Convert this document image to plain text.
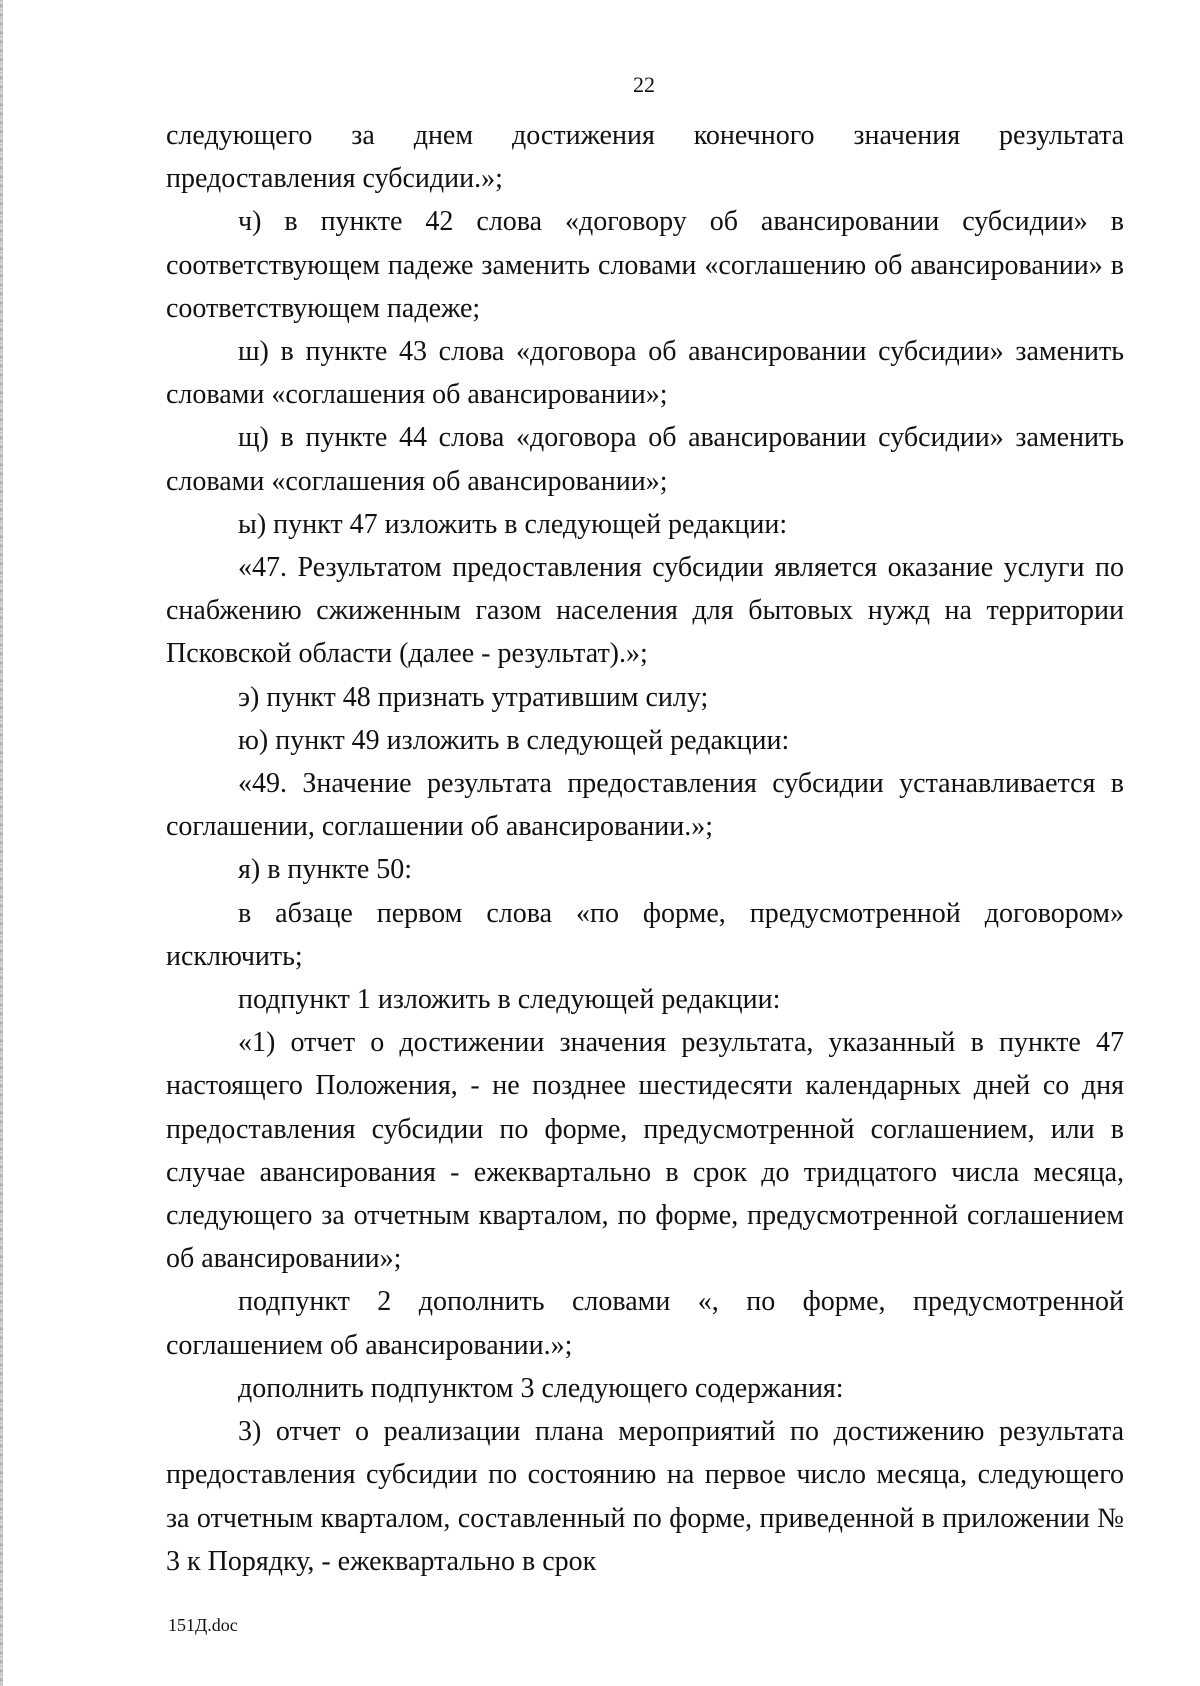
22

следующего за днем достижения конечного значения результата предоставления субсидии.»;

ч) в пункте 42 слова «договору об авансировании субсидии» в соответствующем падеже заменить словами «соглашению об авансировании» в соответствующем падеже;

ш) в пункте 43 слова «договора об авансировании субсидии» заменить словами «соглашения об авансировании»;

щ) в пункте 44 слова «договора об авансировании субсидии» заменить словами «соглашения об авансировании»;

ы) пункт 47 изложить в следующей редакции:

«47. Результатом предоставления субсидии является оказание услуги по снабжению сжиженным газом населения для бытовых нужд на территории Псковской области (далее - результат).»;

э) пункт 48 признать утратившим силу;

ю) пункт 49 изложить в следующей редакции:

«49. Значение результата предоставления субсидии устанавливается в соглашении, соглашении об авансировании.»;

я) в пункте 50:

в абзаце первом слова «по форме, предусмотренной договором» исключить;

подпункт 1 изложить в следующей редакции:

«1) отчет о достижении значения результата, указанный в пункте 47 настоящего Положения, - не позднее шестидесяти календарных дней со дня предоставления субсидии по форме, предусмотренной соглашением, или в случае авансирования - ежеквартально в срок до тридцатого числа месяца, следующего за отчетным кварталом, по форме, предусмотренной соглашением об авансировании»;

подпункт 2 дополнить словами «, по форме, предусмотренной соглашением об авансировании.»;

дополнить подпунктом 3 следующего содержания:

3) отчет о реализации плана мероприятий по достижению результата предоставления субсидии по состоянию на первое число месяца, следующего за отчетным кварталом, составленный по форме, приведенной в приложении № 3 к Порядку, - ежеквартально в срок

151Д.doc
